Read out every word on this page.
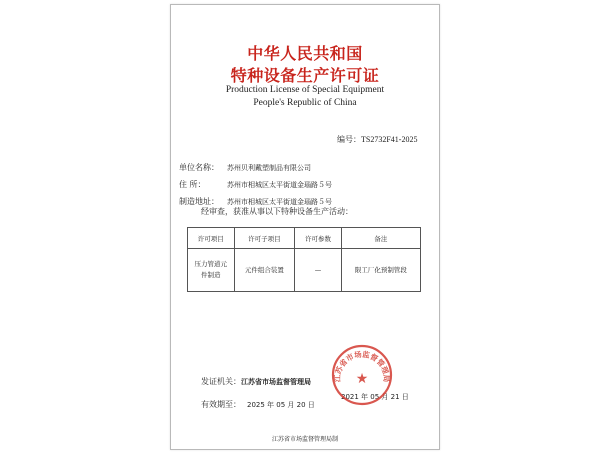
中华人民共和国
特种设备生产许可证
Production License of Special Equipment
People's Republic of China
编号：TS2732F41-2025
单位名称： 苏州贝利戴塑制品有限公司
住 所：	苏州市相城区太平街道金瑙路５号
制造地址： 苏州市相城区太平街道金瑙路５号
经审查，获准从事以下特种设备生产活动：
许可项目	许可子项目	许可参数	备注
压力管道元件制造	元件组合装置	—	限工厂化预制管段
发证机关：江苏省市场监督管理局
有效期至： 2025 年 05 月 20 日
2021 年 05 月 21 日
江苏省市场监督管理局
★
江苏省市场监督管理局制
